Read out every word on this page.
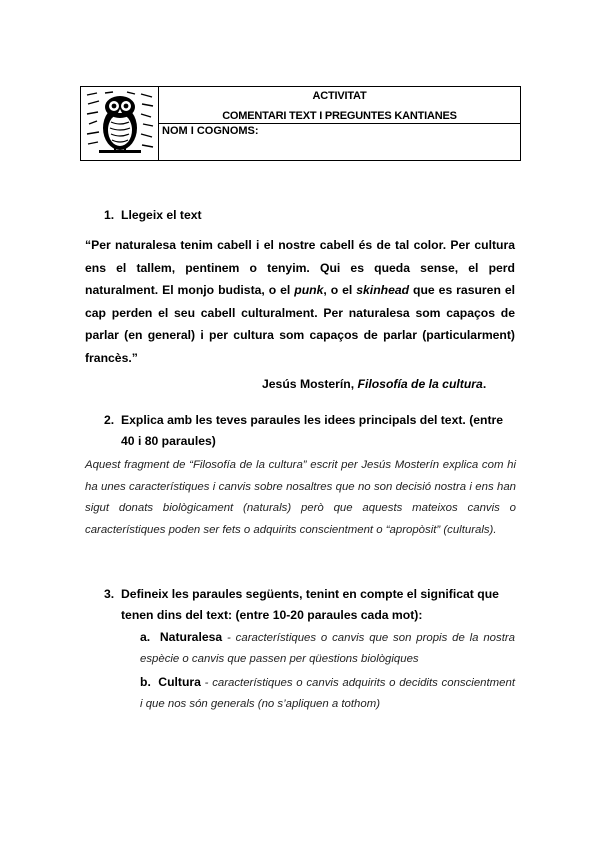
ACTIVITAT
COMENTARI TEXT I PREGUNTES KANTIANES
NOM I COGNOMS:
1. Llegeix el text
“Per naturalesa tenim cabell i el nostre cabell és de tal color. Per cultura ens el tallem, pentinem o tenyim. Qui es queda sense, el perd naturalment. El monjo budista, o el punk, o el skinhead que es rasuren el cap perden el seu cabell culturalment. Per naturalesa som capaços de parlar (en general) i per cultura som capaços de parlar (particularment) francès.”
Jesús Mosterín, Filosofía de la cultura.
2. Explica amb les teves paraules les idees principals del text. (entre
40 i 80 paraules)
Aquest fragment de “Filosofía de la cultura” escrit per Jesús Mosterín explica com hi ha unes característiques i canvis sobre nosaltres que no son decisió nostra i ens han sigut donats biològicament (naturals) però que aquests mateixos canvis o característiques poden ser fets o adquirits conscientment o “apropòsit” (culturals).
3. Defineix les paraules següents, tenint en compte el significat que
tenen dins del text: (entre 10-20 paraules cada mot):
a. Naturalesa - característiques o canvis que son propis de la nostra espècie o canvis que passen per qüestions biològiques
b. Cultura - característiques o canvis adquirits o decidits conscientment i que nos són generals (no s’apliquen a tothom)
